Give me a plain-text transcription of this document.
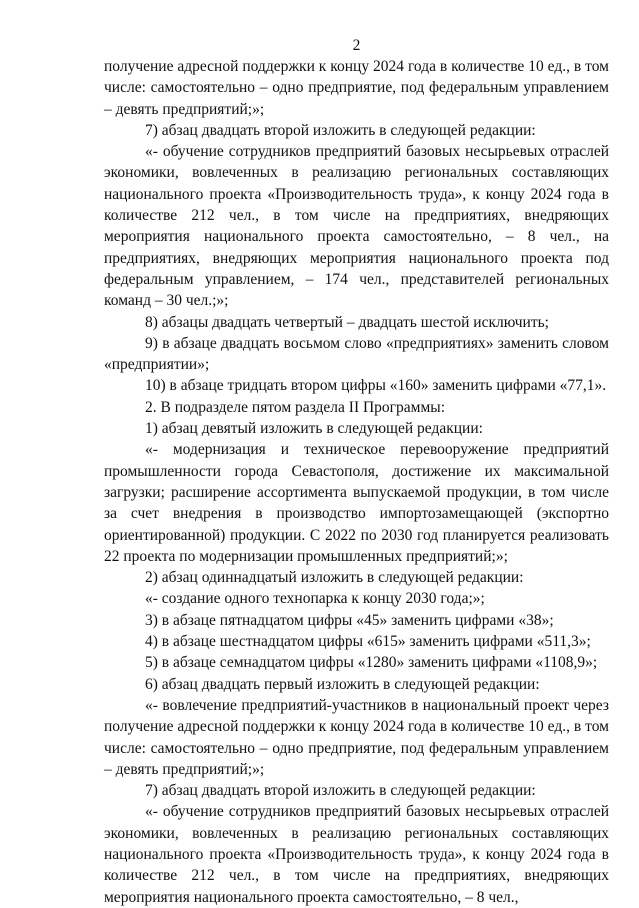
2

получение адресной поддержки к концу 2024 года в количестве 10 ед., в том числе: самостоятельно – одно предприятие, под федеральным управлением – девять предприятий;»;

7) абзац двадцать второй изложить в следующей редакции:

«- обучение сотрудников предприятий базовых несырьевых отраслей экономики, вовлеченных в реализацию региональных составляющих национального проекта «Производительность труда», к концу 2024 года в количестве 212 чел., в том числе на предприятиях, внедряющих мероприятия национального проекта самостоятельно, – 8 чел., на предприятиях, внедряющих мероприятия национального проекта под федеральным управлением, – 174 чел., представителей региональных команд – 30 чел.;»;

8) абзацы двадцать четвертый – двадцать шестой исключить;

9) в абзаце двадцать восьмом слово «предприятиях» заменить словом «предприятии»;

10) в абзаце тридцать втором цифры «160» заменить цифрами «77,1».

2. В подразделе пятом раздела II Программы:

1) абзац девятый изложить в следующей редакции:

«- модернизация и техническое перевооружение предприятий промышленности города Севастополя, достижение их максимальной загрузки; расширение ассортимента выпускаемой продукции, в том числе за счет внедрения в производство импортозамещающей (экспортно ориентированной) продукции. С 2022 по 2030 год планируется реализовать 22 проекта по модернизации промышленных предприятий;»;

2) абзац одиннадцатый изложить в следующей редакции:

«- создание одного технопарка к концу 2030 года;»;

3) в абзаце пятнадцатом цифры «45» заменить цифрами «38»;

4) в абзаце шестнадцатом цифры «615» заменить цифрами «511,3»;

5) в абзаце семнадцатом цифры «1280» заменить цифрами «1108,9»;

6) абзац двадцать первый изложить в следующей редакции:

«- вовлечение предприятий-участников в национальный проект через получение адресной поддержки к концу 2024 года в количестве 10 ед., в том числе: самостоятельно – одно предприятие, под федеральным управлением – девять предприятий;»;

7) абзац двадцать второй изложить в следующей редакции:

«- обучение сотрудников предприятий базовых несырьевых отраслей экономики, вовлеченных в реализацию региональных составляющих национального проекта «Производительность труда», к концу 2024 года в количестве 212 чел., в том числе на предприятиях, внедряющих мероприятия национального проекта самостоятельно, – 8 чел.,
